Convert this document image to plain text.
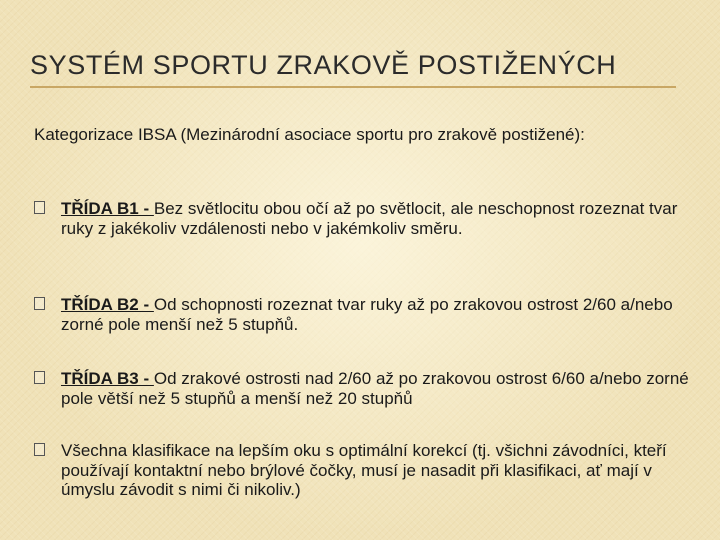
SYSTÉM SPORTU ZRAKOVĚ POSTIŽENÝCH

Kategorizace IBSA (Mezinárodní asociace sportu pro zrakově postižené):

TŘÍDA B1 - Bez světlocitu obou očí až po světlocit, ale neschopnost rozeznat tvar ruky z jakékoliv vzdálenosti nebo v jakémkoliv směru.
TŘÍDA B2 - Od schopnosti rozeznat tvar ruky až po zrakovou ostrost 2/60 a/nebo zorné pole menší než 5 stupňů.
TŘÍDA B3 - Od zrakové ostrosti nad 2/60 až po zrakovou ostrost 6/60 a/nebo zorné pole větší než 5 stupňů a menší než 20 stupňů
Všechna klasifikace na lepším oku s optimální korekcí (tj. všichni závodníci, kteří používají kontaktní nebo brýlové čočky, musí je nasadit při klasifikaci, ať mají v úmyslu závodit s nimi či nikoliv.)
